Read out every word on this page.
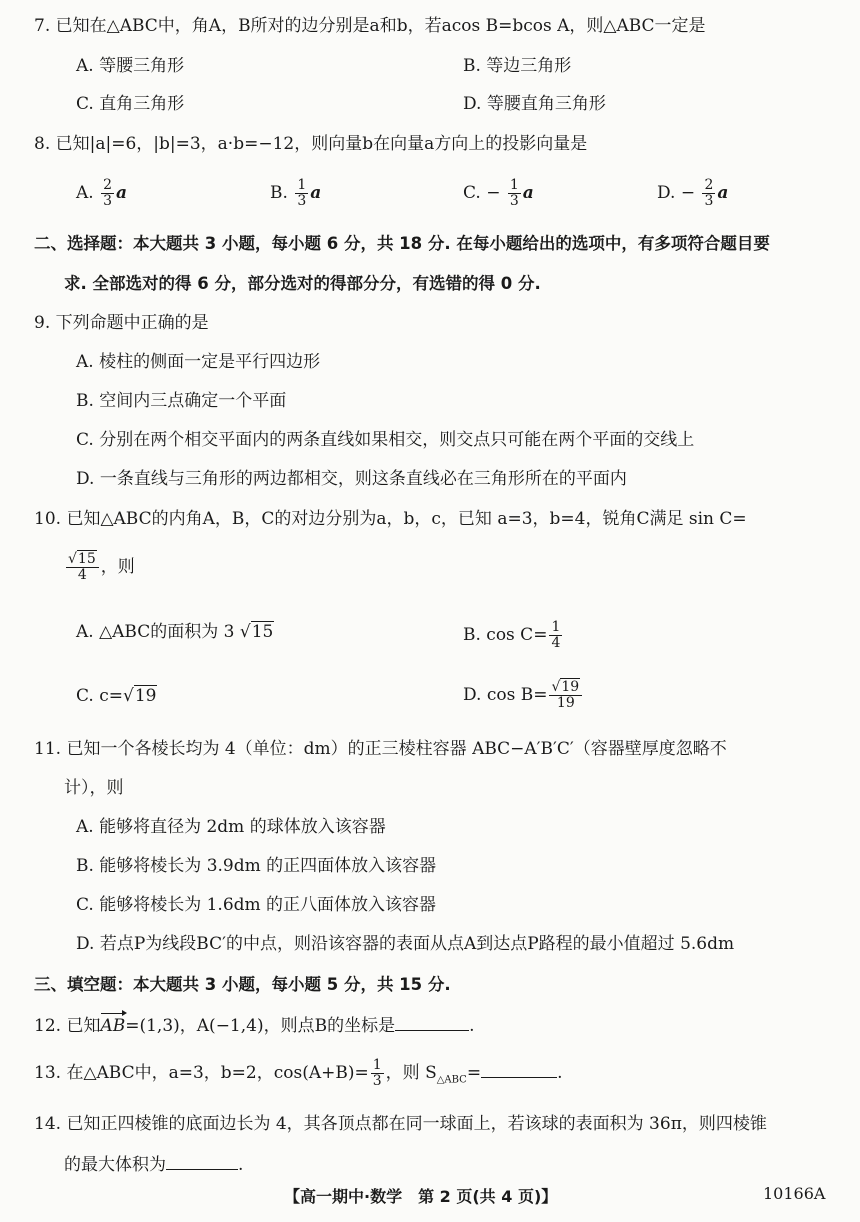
7. 已知在△ABC中，角A，B所对的边分别是a和b，若acos B=bcos A，则△ABC一定是
A. 等腰三角形	B. 等边三角形
C. 直角三角形	D. 等腰直角三角形
8. 已知|a|=6，|b|=3，a·b=−12，则向量b在向量a方向上的投影向量是
A. $\frac{2}{3}$ a	B. $\frac{1}{3}$ a	C. − $\frac{1}{3}$ a	D. − $\frac{2}{3}$ a
二、选择题：本大题共 3 小题，每小题 6 分，共 18 分. 在每小题给出的选项中，有多项符合题目要
求. 全部选对的得 6 分，部分选对的得部分分，有选错的得 0 分.
9. 下列命题中正确的是
A. 棱柱的侧面一定是平行四边形
B. 空间内三点确定一个平面
C. 分别在两个相交平面内的两条直线如果相交，则交点只可能在两个平面的交线上
D. 一条直线与三角形的两边都相交，则这条直线必在三角形所在的平面内
10. 已知△ABC的内角A，B，C的对边分别为a，b，c，已知 a=3，b=4，锐角C满足 sin C=
$\frac{√15}{4}$ ，则
A. △ABC的面积为 3 √15	B. $\cos C= \frac{1}{4}$
C. c=√19	D. $\cos B= \frac{√19}{19}$
11. 已知一个各棱长均为 4（单位：dm）的正三棱柱容器 ABC−A′B′C′（容器壁厚度忽略不
计），则
A. 能够将直径为 2dm 的球体放入该容器
B. 能够将棱长为 3.9dm 的正四面体放入该容器
C. 能够将棱长为 1.6dm 的正八面体放入该容器
D. 若点P为线段BC′的中点，则沿该容器的表面从点A到达点P路程的最小值超过 5.6dm
三、填空题：本大题共 3 小题，每小题 5 分，共 15 分.
12. 已知AB=(1,3)，A(−1,4)，则点B的坐标是	.
13. 在△ABC中，a=3，b=2，$\cos(A+B)= \frac{1}{3}$ ，则 $S_{\triangle ABC}=$	.
14. 已知正四棱锥的底面边长为 4，其各顶点都在同一球面上，若该球的表面积为 36π，则四棱锥
的最大体积为	.
【高一期中·数学　第 2 页(共 4 页)】	10166A
